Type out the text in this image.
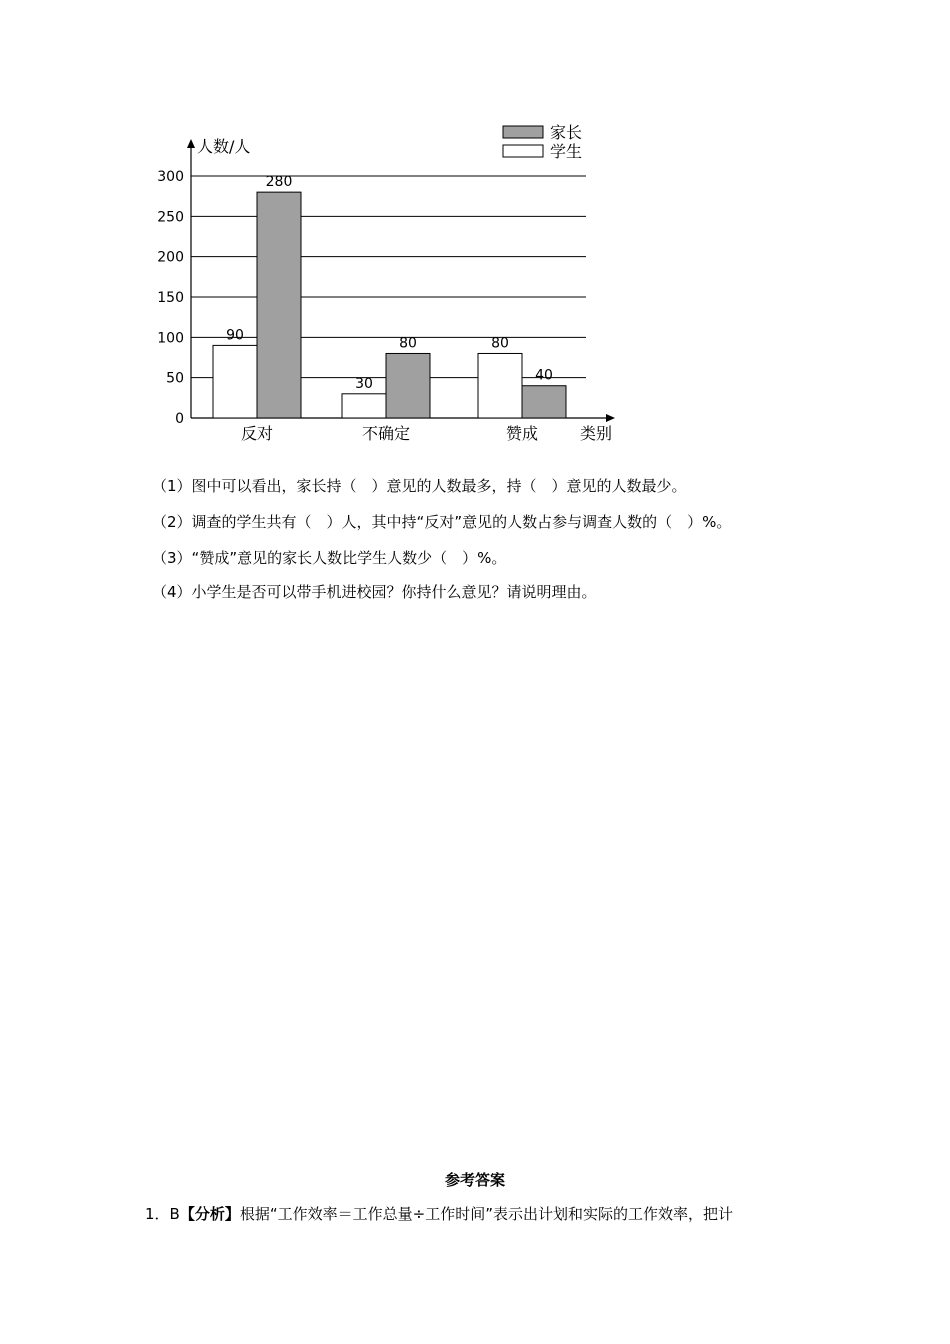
0
50
100
150
200
250
300
人数/人
类别
90
30
80
280
80
40
反对	不确定	赞成
家长
学生
（1）图中可以看出，家长持（　）意见的人数最多，持（　）意见的人数最少。
（2）调查的学生共有（　）人，其中持“反对”意见的人数占参与调查人数的（　）%。
（3）“赞成”意见的家长人数比学生人数少（　）%。
（4）小学生是否可以带手机进校园？你持什么意见？请说明理由。
参考答案
1．B【分析】根据“工作效率＝工作总量÷工作时间”表示出计划和实际的工作效率，把计
